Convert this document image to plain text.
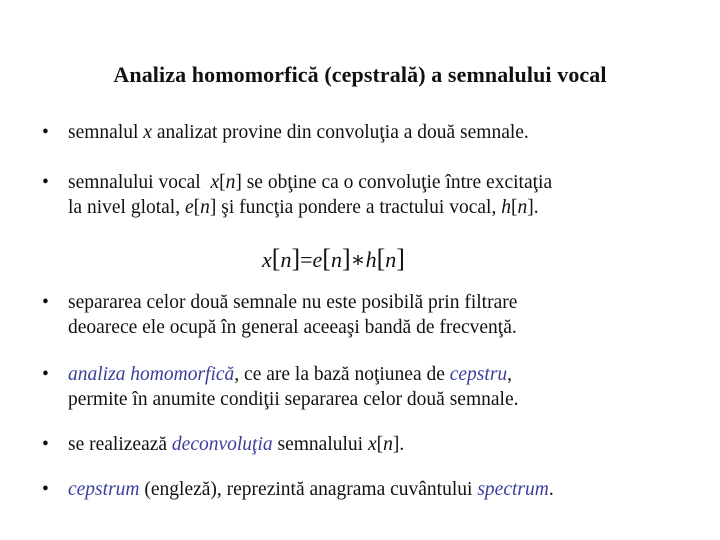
Analiza homomorfică (cepstrală) a semnalului vocal
• semnalul x analizat provine din convoluţia a două semnale.
• semnalului vocal  x[n] se obţine ca o convoluţie între excitaţia
la nivel glotal, e[n] şi funcţia pondere a tractului vocal, h[n].
x[n]=e[n]∗h[n]
• separarea celor două semnale nu este posibilă prin filtrare
deoarece ele ocupă în general aceeaşi bandă de frecvenţă.
• analiza homomorfică, ce are la bază noţiunea de cepstru,
permite în anumite condiţii separarea celor două semnale.
• se realizează deconvoluţia semnalului x[n].
• cepstrum (engleză), reprezintă anagrama cuvântului spectrum.
